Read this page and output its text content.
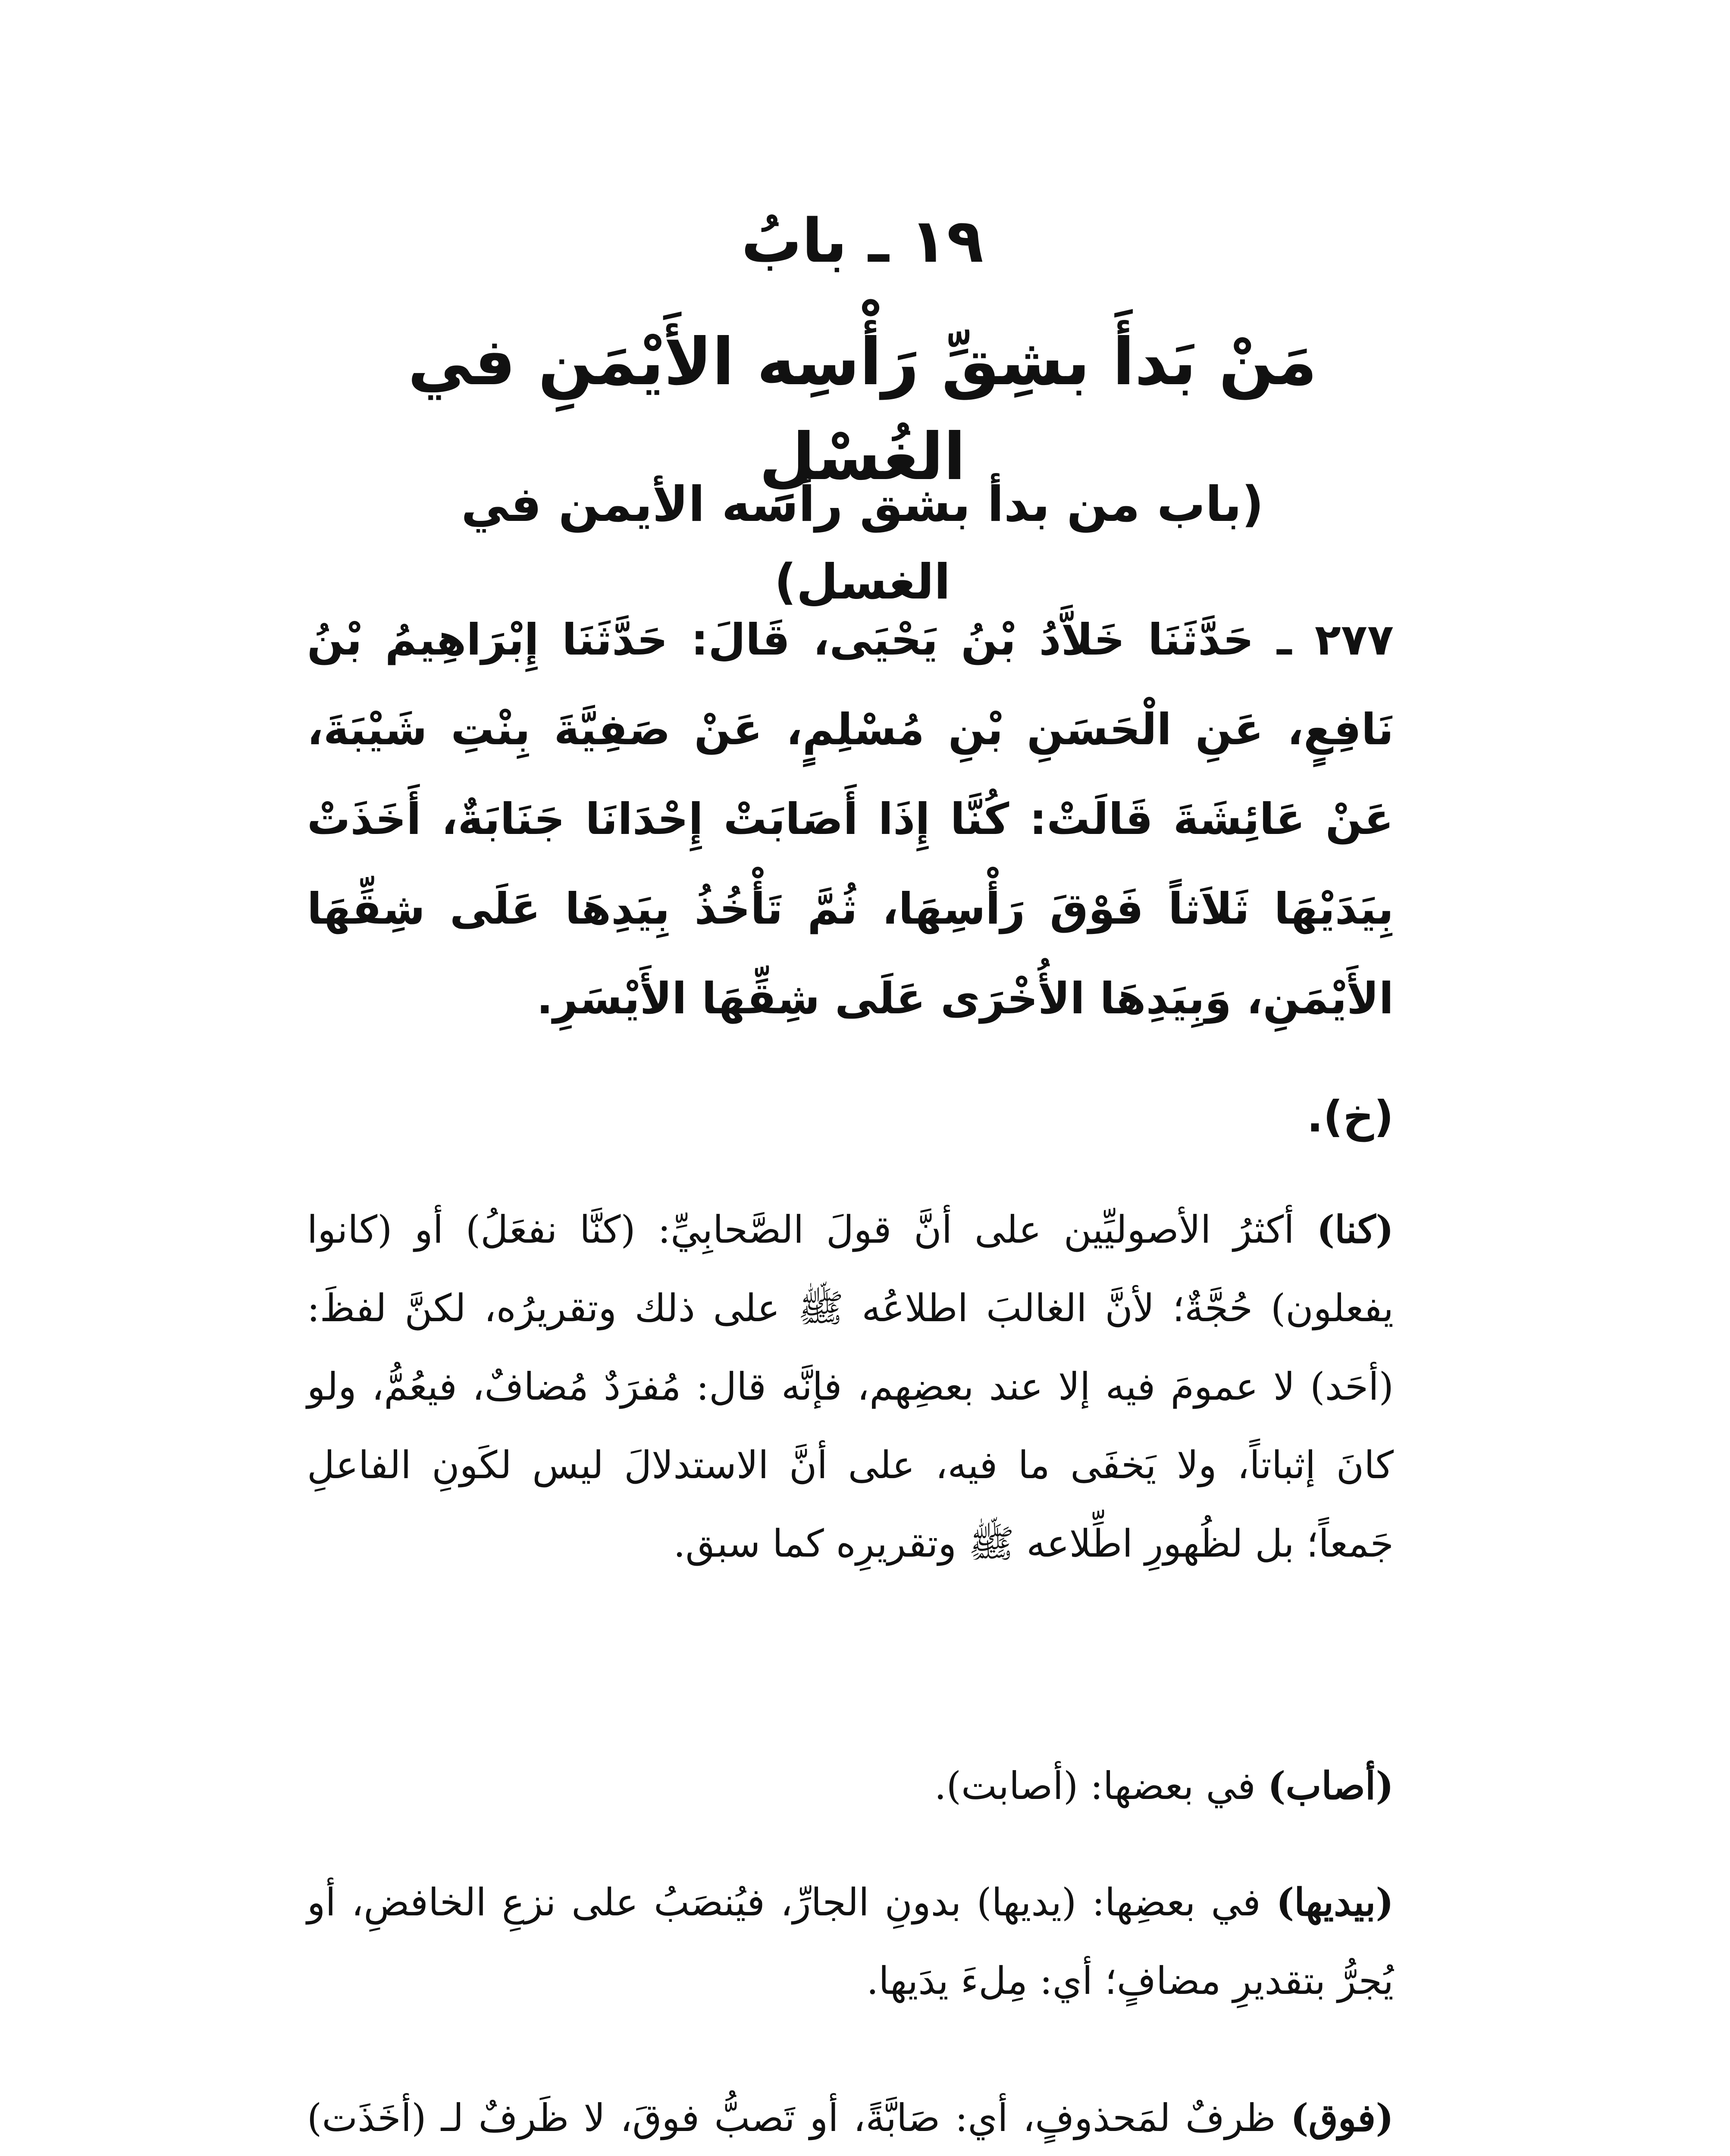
١٩ ـ بابُ
مَنْ بَدأَ بشِقِّ رَأْسِه الأَيْمَنِ في الغُسْلِ
(باب من بدأ بشق رأسه الأيمن في الغسل)
٢٧٧ ـ حَدَّثَنَا خَلاَّدُ بْنُ يَحْيَى، قَالَ: حَدَّثَنَا إِبْرَاهِيمُ بْنُ نَافِعٍ، عَنِ الْحَسَنِ بْنِ مُسْلِمٍ، عَنْ صَفِيَّةَ بِنْتِ شَيْبَةَ، عَنْ عَائِشَةَ قَالَتْ: كُنَّا إِذَا أَصَابَتْ إِحْدَانَا جَنَابَةٌ، أَخَذَتْ بِيَدَيْهَا ثَلاَثاً فَوْقَ رَأْسِهَا، ثُمَّ تَأْخُذُ بِيَدِهَا عَلَى شِقِّهَا الأَيْمَنِ، وَبِيَدِهَا الأُخْرَى عَلَى شِقِّهَا الأَيْسَرِ.
(خ).
(كنا) أكثرُ الأصوليِّين على أنَّ قولَ الصَّحابِيِّ: (كنَّا نفعَلُ) أو (كانوا يفعلون) حُجَّةٌ؛ لأنَّ الغالبَ اطلاعُه ﷺ على ذلك وتقريرُه، لكنَّ لفظَ: (أحَد) لا عمومَ فيه إلا عند بعضِهم، فإنَّه قال: مُفرَدٌ مُضافٌ، فيعُمُّ، ولو كانَ إثباتاً، ولا يَخفَى ما فيه، على أنَّ الاستدلالَ ليس لكَونِ الفاعلِ جَمعاً؛ بل لظُهورِ اطِّلاعه ﷺ وتقريرِه كما سبق.
(أصاب) في بعضها: (أصابت).
(بيديها) في بعضِها: (يديها) بدونِ الجارِّ، فيُنصَبُ على نزعِ الخافضِ، أو يُجرُّ بتقديرِ مضافٍ؛ أي: مِلءَ يدَيها.
(فوق) ظرفٌ لمَحذوفٍ، أي: صَابَّةً، أو تَصبُّ فوقَ، لا ظَرفٌ لـ (أخَذَت)
